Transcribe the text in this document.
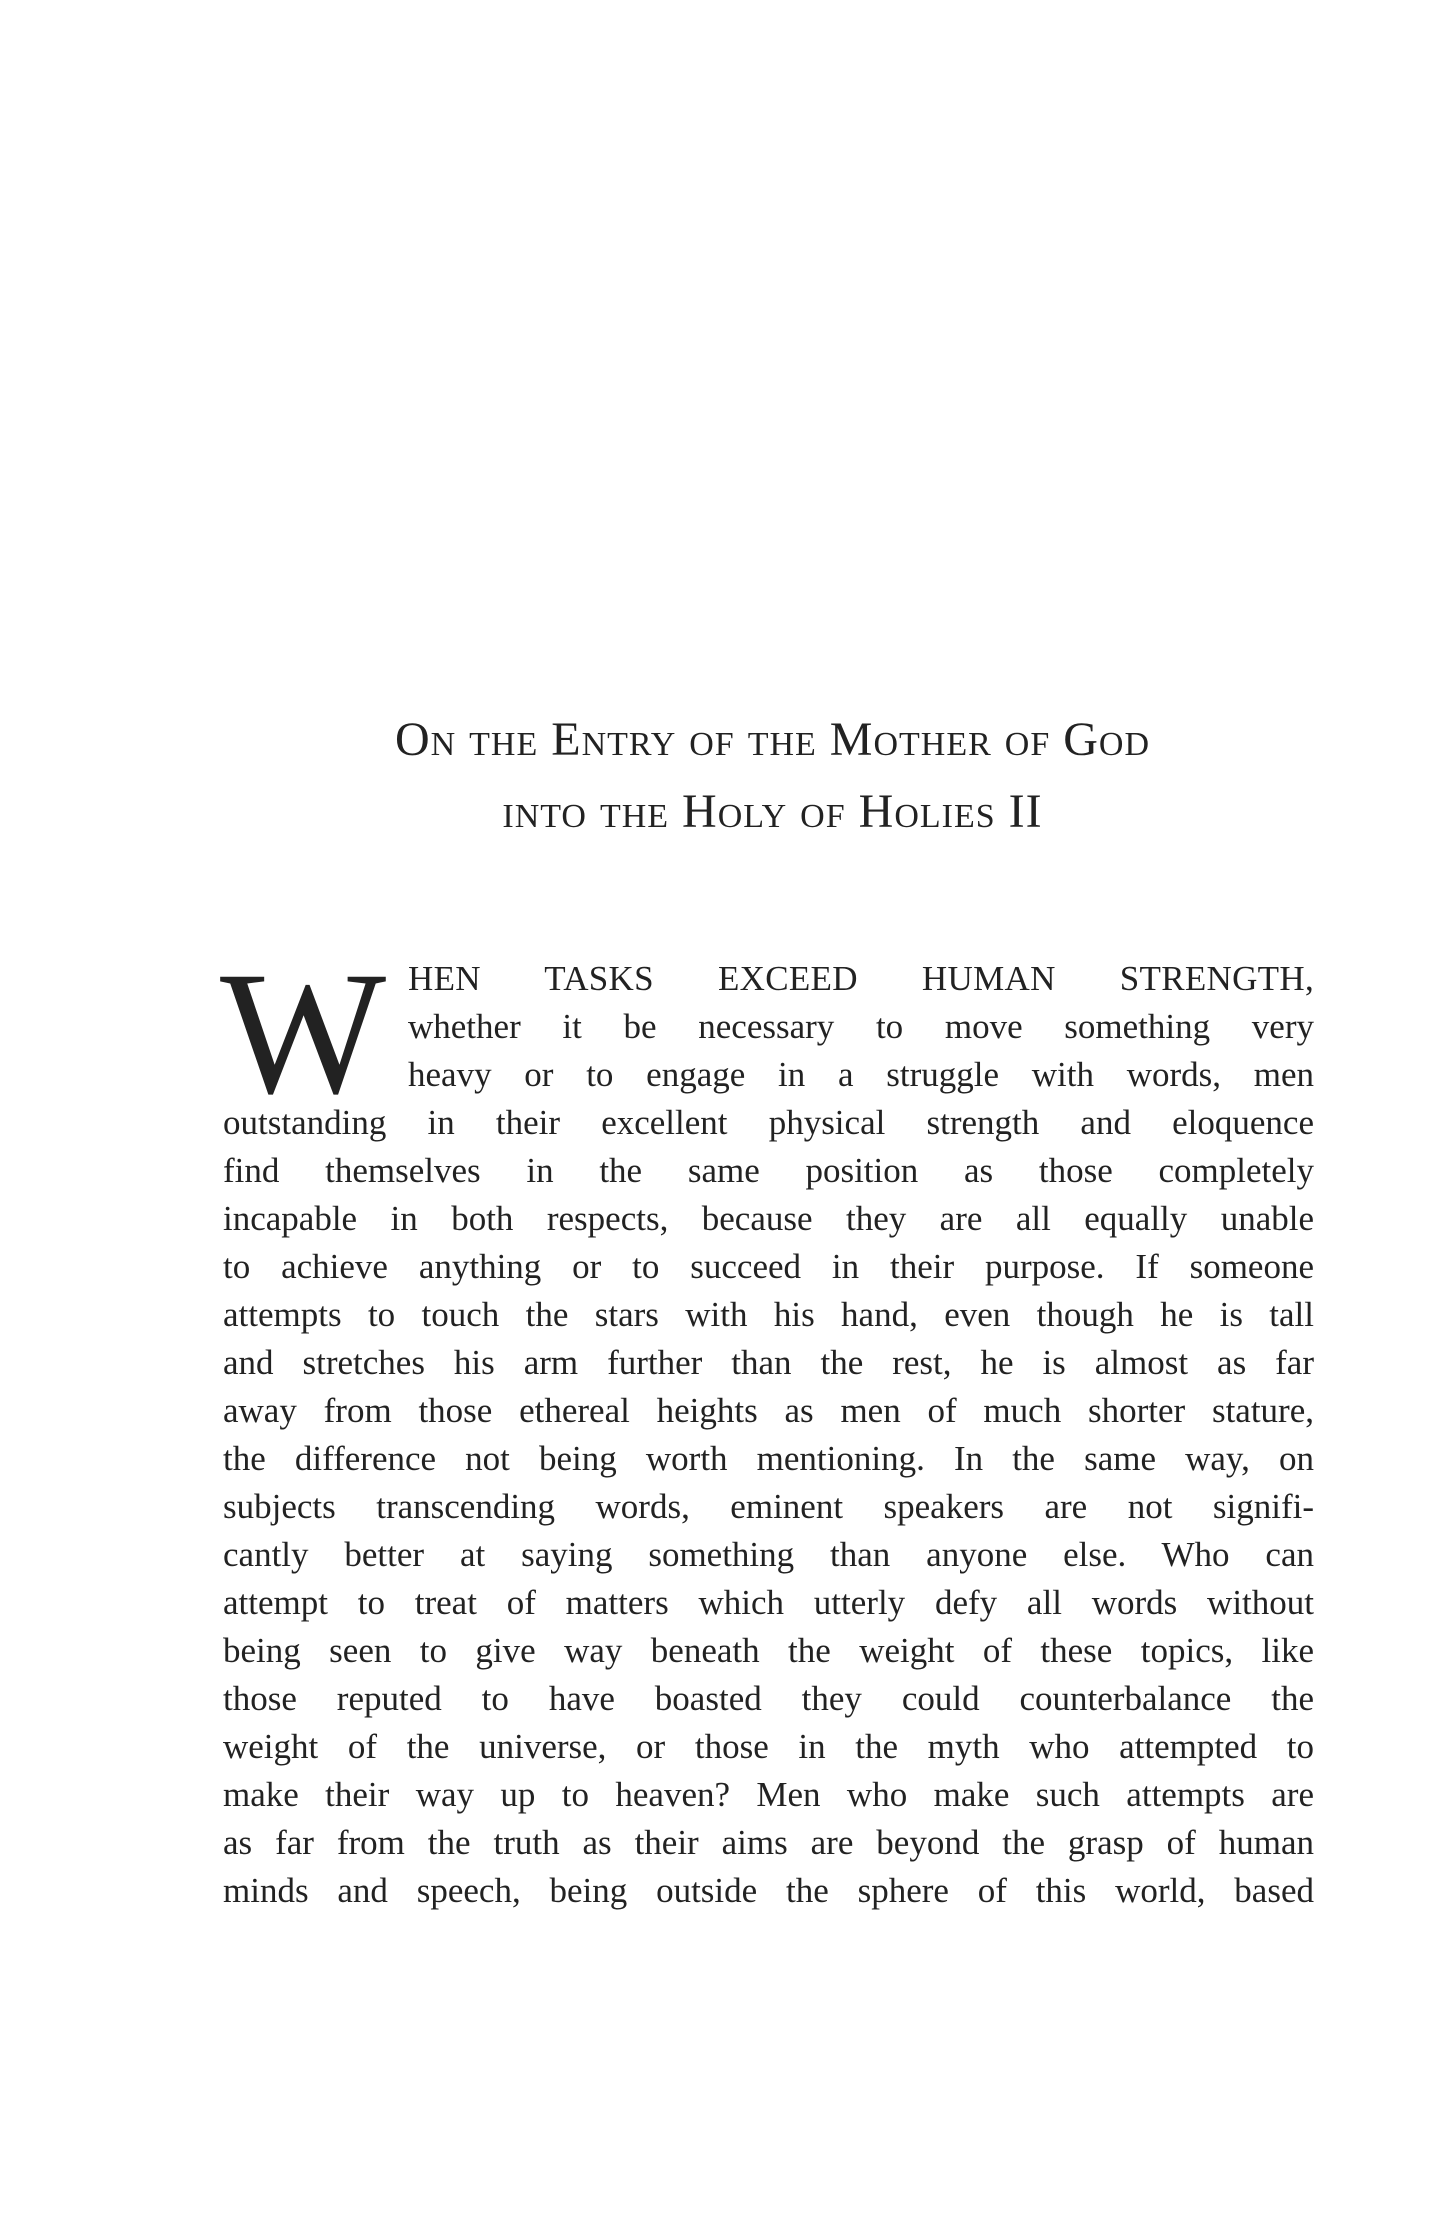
On the Entry of the Mother of God
into the Holy of Holies II
W HEN TASKS EXCEED HUMAN STRENGTH,
whether it be necessary to move something very
heavy or to engage in a struggle with words, men
outstanding in their excellent physical strength and eloquence
find themselves in the same position as those completely
incapable in both respects, because they are all equally unable
to achieve anything or to succeed in their purpose. If someone
attempts to touch the stars with his hand, even though he is tall
and stretches his arm further than the rest, he is almost as far
away from those ethereal heights as men of much shorter stature,
the difference not being worth mentioning. In the same way, on
subjects transcending words, eminent speakers are not signifi-
cantly better at saying something than anyone else. Who can
attempt to treat of matters which utterly defy all words without
being seen to give way beneath the weight of these topics, like
those reputed to have boasted they could counterbalance the
weight of the universe, or those in the myth who attempted to
make their way up to heaven? Men who make such attempts are
as far from the truth as their aims are beyond the grasp of human
minds and speech, being outside the sphere of this world, based
